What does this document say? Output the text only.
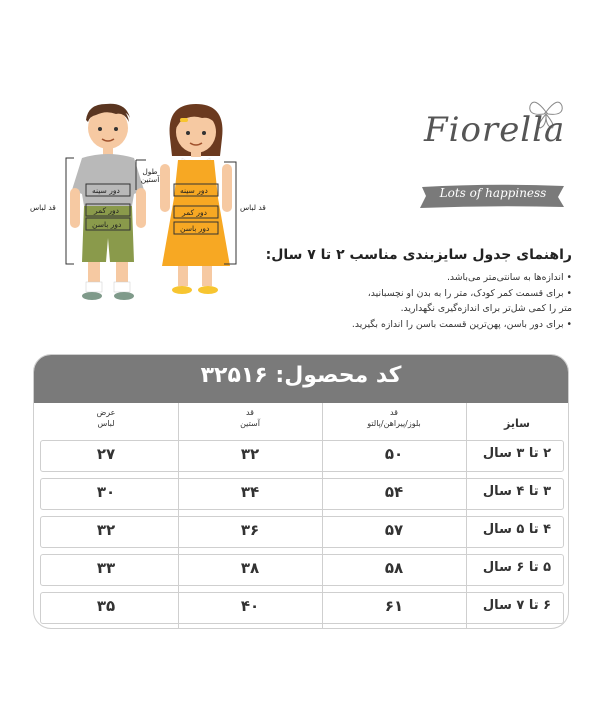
دور سینه
دور کمر
دور باسن
قد لباس
طول آستین
دور سینه
دور کمر
دور باسن
قد لباس
Fiorella
Lots of happiness
راهنمای جدول سایزبندی مناسب ۲ تا ۷ سال:
• اندازه‌ها به سانتی‌متر می‌باشد.
• برای قسمت کمر کودک، متر را به بدن او نچسبانید،
متر را کمی شل‌تر برای اندازه‌گیری نگهدارید.
• برای دور باسن، پهن‌ترین قسمت باسن را اندازه بگیرید.
کد محصول: ۳۲۵۱۶
سایز
قد
بلوز/پیراهن/پالتو
قد
آستین
عرض
لباس
۲ تا ۳ سال
۵۰
۳۲
۲۷
۳ تا ۴ سال
۵۴
۳۴
۳۰
۴ تا ۵ سال
۵۷
۳۶
۳۲
۵ تا ۶ سال
۵۸
۳۸
۳۳
۶ تا ۷ سال
۶۱
۴۰
۳۵
